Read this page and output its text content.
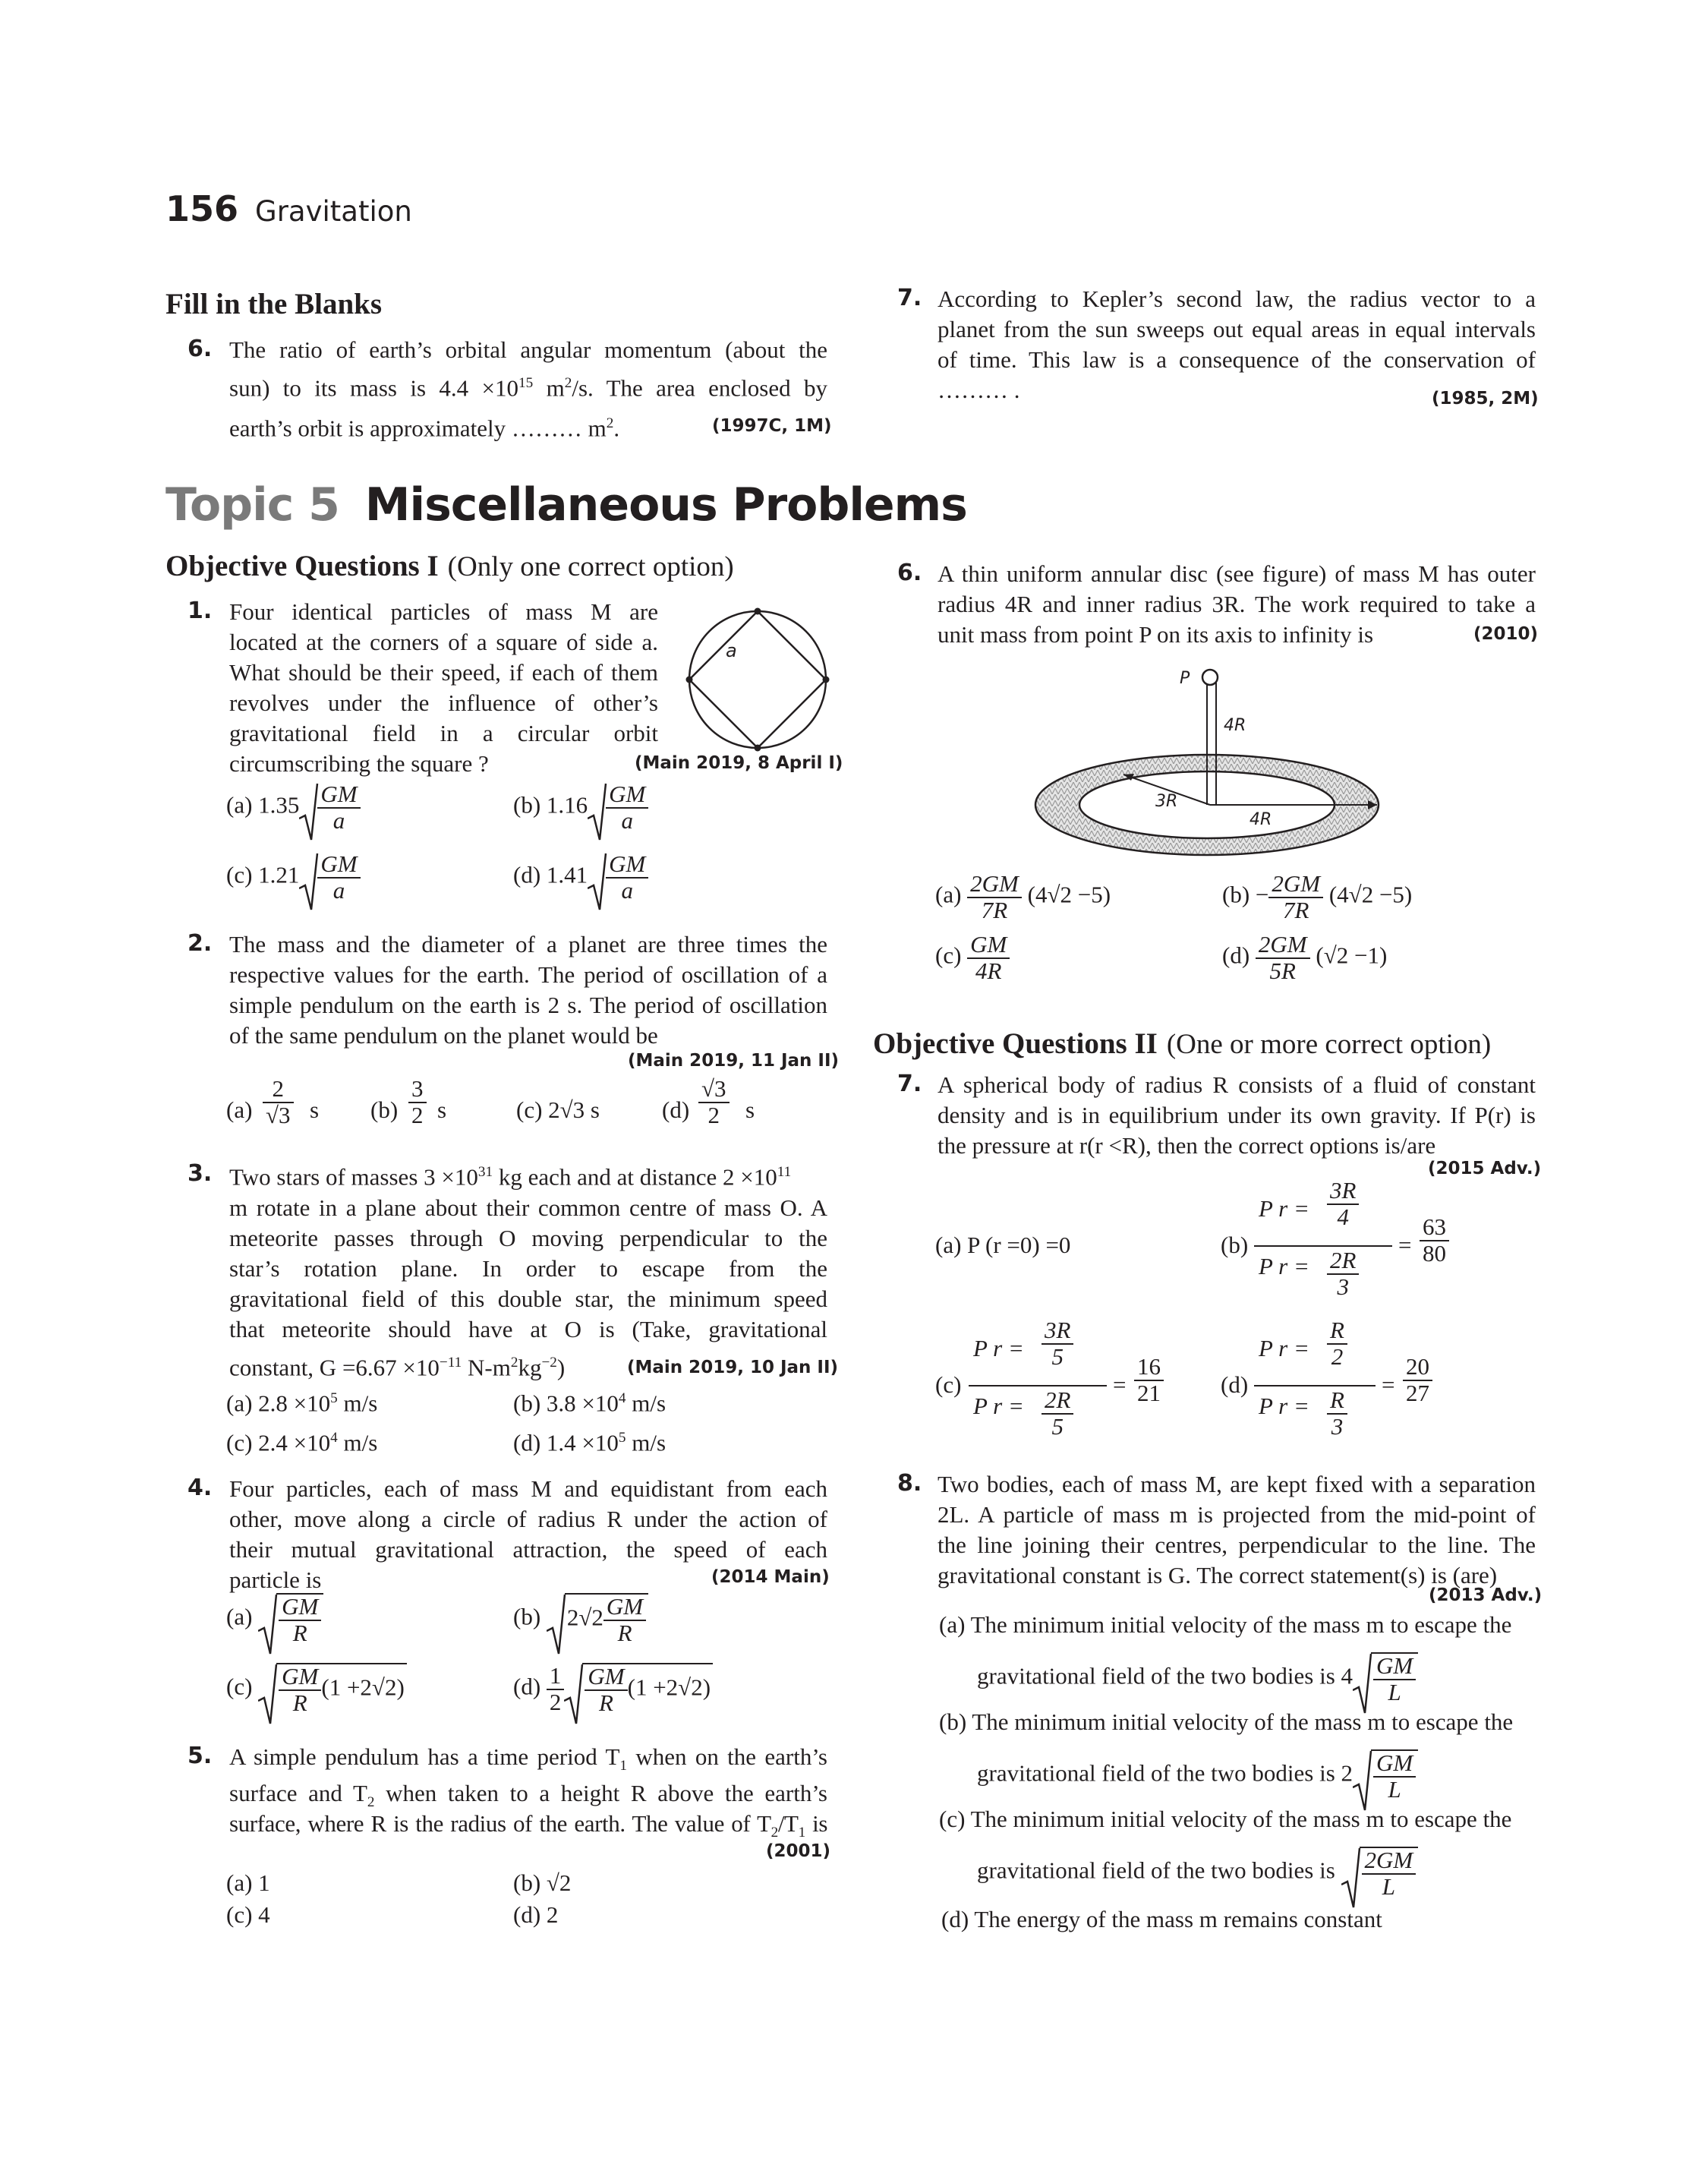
156 Gravitation
Fill in the Blanks
6. The ratio of earth’s orbital angular momentum (about the
sun) to its mass is $4.4 \times 10^{15}$ $m^2/s$. The area enclosed by
earth’s orbit is approximately ……… $m^2$.	(1997C, 1M)
Topic 5 Miscellaneous Problems
Objective Questions I (Only one correct option)
1. Four identical particles of mass M are
located at the corners of a square of side a.
What should be their speed, if each of them
revolves under the influence of other’s
gravitational field in a circular orbit
circumscribing the square ?	(Main 2019, 8 April I)
a
(a) $1.35 \frac{GM}{a}$	(b) $1.16 \frac{GM}{a}$
(c) $1.21 \frac{GM}{a}$	(d) $1.41 \frac{GM}{a}$
2. The mass and the diameter of a planet are three times the
respective values for the earth. The period of oscillation of a
simple pendulum on the earth is 2 s. The period of oscillation
of the same pendulum on the planet would be
(Main 2019, 11 Jan II)
$(a) \frac{2}{√3}$ s $(b) \frac{3}{2}$ s	(c) 2√3 s	$(d) \frac{√3}{2}$ s
3. Two stars of masses $3 \times 10^{31}$ kg each and at distance $2 \times 10^{11}$
m rotate in a plane about their common centre of mass O. A
meteorite passes through O moving perpendicular to the
star’s rotation plane. In order to escape from the
gravitational field of this double star, the minimum speed
that meteorite should have at O is (Take, gravitational
constant, $G =6.67 \times 10^{-11}$ $N-m^2kg^{-2}$)	(Main 2019, 10 Jan II)
(a) $2.8 \times 10^5$ m/s	(b) $3.8 \times 10^4$ m/s
(c) $2.4 \times 10^4$ m/s	(d) $1.4 \times 10^5$ m/s
4. Four particles, each of mass M and equidistant from each
other, move along a circle of radius R under the action of
their mutual gravitational attraction, the speed of each
particle is	(2014 Main)
$(a) \frac{GM}{R}$	(b) $2√2 \frac{GM}{R}$
$(c) \frac{GM}{R} (1 +2√2)$	$(d) \frac{1}{2} \frac{GM}{R} (1 +2√2)$
5. A simple pendulum has a time period $T_1$ when on the earth’s
surface and $T_2$ when taken to a height R above the earth’s
surface, where R is the radius of the earth. The value of $T_2/T_1$ is
(2001)
(a) 1	(b) √2
(c) 4	(d) 2
7. According to Kepler’s second law, the radius vector to a
planet from the sun sweeps out equal areas in equal intervals
of time. This law is a consequence of the conservation of
……… .	(1985, 2M)
6. A thin uniform annular disc (see figure) of mass M has outer
radius 4R and inner radius 3R. The work required to take a
unit mass from point P on its axis to infinity is	(2010)
P
4R
3R
4R
$(a) \frac{2GM}{7R} (4√2 -5)$	$(b) - \frac{2GM}{7R} (4√2 -5)$
$(c) \frac{GM}{4R}$	$(d) \frac{2GM}{5R} (√2 -1)$
Objective Questions II (One or more correct option)
7. A spherical body of radius R consists of a fluid of constant
density and is in equilibrium under its own gravity. If P(r) is
the pressure at r(r <R), then the correct options is/are
(2015 Adv.)
(a) P (r =0) =0	(b)
P $r = \frac{3R}{4}$
P $r = \frac{2R}{3}$
= $\frac{63}{80}$
(c)
P $r = \frac{3R}{5}$
P $r = \frac{2R}{5}$
= $\frac{16}{21} (d)$
P $r = \frac{R}{2}$
P $r = \frac{R}{3}$
= $\frac{20}{27}$
8. Two bodies, each of mass M, are kept fixed with a separation
2L. A particle of mass m is projected from the mid-point of
the line joining their centres, perpendicular to the line. The
gravitational constant is G. The correct statement(s) is (are)
(2013 Adv.)
(a) The minimum initial velocity of the mass m to escape the
gravitational field of the two bodies is $4 \frac{GM}{L}$
(b) The minimum initial velocity of the mass m to escape the
gravitational field of the two bodies is $2 \frac{GM}{L}$
(c) The minimum initial velocity of the mass m to escape the
gravitational field of the two bodies is $\frac{2GM}{L}$
(d) The energy of the mass m remains constant
